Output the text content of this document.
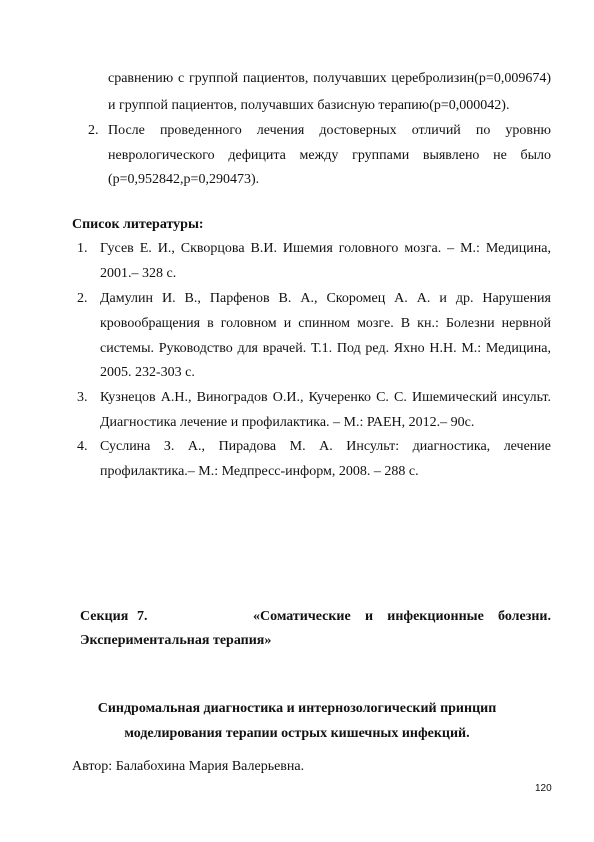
сравнению с группой пациентов, получавших церебролизин(р=0,009674)
и группой пациентов, получавших базисную терапию(р=0,000042).
2. После проведенного лечения достоверных отличий по уровню
неврологического дефицита между группами выявлено не было
(р=0,952842,р=0,290473).
Список литературы:
1. Гусев Е. И., Скворцова В.И. Ишемия головного мозга. – М.: Медицина,
2001.– 328 с.
2. Дамулин И. В., Парфенов В. А., Скоромец А. А. и др. Нарушения
кровообращения в головном и спинном мозге. В кн.: Болезни нервной
системы. Руководство для врачей. Т.1. Под ред. Яхно Н.Н. М.: Медицина,
2005. 232-303 с.
3. Кузнецов А.Н., Виноградов О.И., Кучеренко С. С. Ишемический инсульт.
Диагностика лечение и профилактика. – М.: РАЕН, 2012.– 90с.
4. Суслина З. А., Пирадова М. А. Инсульт: диагностика, лечение
профилактика.– М.: Медпресс-информ, 2008. – 288 с.
Секция 7.	«Соматические и инфекционные болезни.
Экспериментальная терапия»
Синдромальная диагностика и интернозологический принцип
моделирования терапии острых кишечных инфекций.
Автор: Балабохина Мария Валерьевна.
120
